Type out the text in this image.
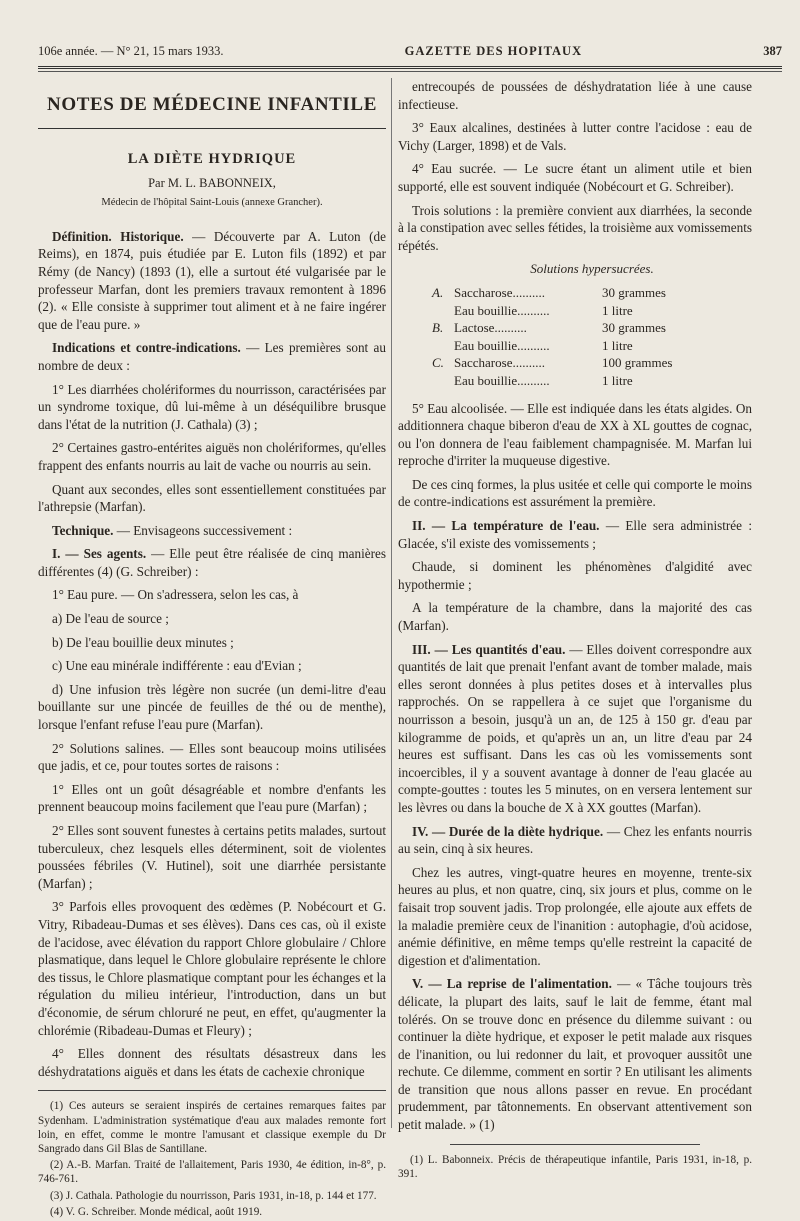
106e année. — N° 21, 15 mars 1933.	GAZETTE DES HOPITAUX	387
NOTES DE MÉDECINE INFANTILE
LA DIÈTE HYDRIQUE
Par M. L. BABONNEIX,
Médecin de l'hôpital Saint-Louis (annexe Grancher).

Définition. Historique. — Découverte par A. Luton (de Reims), en 1874, puis étudiée par E. Luton fils (1892) et par Rémy (de Nancy) (1893 (1), elle a surtout été vulgarisée par le professeur Marfan, dont les premiers travaux remontent à 1896 (2). « Elle consiste à supprimer tout aliment et à ne faire ingérer que de l'eau pure. »

Indications et contre-indications. — Les premières sont au nombre de deux :

1° Les diarrhées cholériformes du nourrisson, caractérisées par un syndrome toxique, dû lui-même à un déséquilibre brusque dans l'état de la nutrition (J. Cathala) (3) ;

2° Certaines gastro-entérites aiguës non cholériformes, qu'elles frappent des enfants nourris au lait de vache ou nourris au sein.

Quant aux secondes, elles sont essentiellement constituées par l'athrepsie (Marfan).

Technique. — Envisageons successivement :

I. — Ses agents. — Elle peut être réalisée de cinq manières différentes (4) (G. Schreiber) :

1° Eau pure. — On s'adressera, selon les cas, à

a) De l'eau de source ;

b) De l'eau bouillie deux minutes ;

c) Une eau minérale indifférente : eau d'Evian ;

d) Une infusion très légère non sucrée (un demi-litre d'eau bouillante sur une pincée de feuilles de thé ou de menthe), lorsque l'enfant refuse l'eau pure (Marfan).

2° Solutions salines. — Elles sont beaucoup moins utilisées que jadis, et ce, pour toutes sortes de raisons :

1° Elles ont un goût désagréable et nombre d'enfants les prennent beaucoup moins facilement que l'eau pure (Marfan) ;

2° Elles sont souvent funestes à certains petits malades, surtout tuberculeux, chez lesquels elles déterminent, soit de violentes poussées fébriles (V. Hutinel), soit une diarrhée persistante (Marfan) ;

3° Parfois elles provoquent des œdèmes (P. Nobécourt et G. Vitry, Ribadeau-Dumas et ses élèves). Dans ces cas, où il existe de l'acidose, avec élévation du rapport Chlore globulaire / Chlore plasmatique, dans lequel le Chlore globulaire représente le chlore des tissus, le Chlore plasmatique comptant pour les échanges et la régulation du milieu intérieur, l'introduction, dans un but d'économie, de sérum chloruré ne peut, en effet, qu'augmenter la chlorémie (Ribadeau-Dumas et Fleury) ;

4° Elles donnent des résultats désastreux dans les déshydratations aiguës et dans les états de cachexie chronique

(1) Ces auteurs se seraient inspirés de certaines remarques faites par Sydenham. L'administration systématique d'eau aux malades remonte fort loin, en effet, comme le montre l'amusant et classique exemple du Dr Sangrado dans Gil Blas de Santillane.

(2) A.-B. Marfan. Traité de l'allaitement, Paris 1930, 4e édition, in-8°, p. 746-761.

(3) J. Cathala. Pathologie du nourrisson, Paris 1931, in-18, p. 144 et 177.

(4) V. G. Schreiber. Monde médical, août 1919.

entrecoupés de poussées de déshydratation liée à une cause infectieuse.

3° Eaux alcalines, destinées à lutter contre l'acidose : eau de Vichy (Larger, 1898) et de Vals.

4° Eau sucrée. — Le sucre étant un aliment utile et bien supporté, elle est souvent indiquée (Nobécourt et G. Schreiber).

Trois solutions : la première convient aux diarrhées, la seconde à la constipation avec selles fétides, la troisième aux vomissements répétés.

Solutions hypersucrées.
A. Saccharose..........	30 grammes
Eau bouillie..........	1 litre
B. Lactose..........	30 grammes
Eau bouillie..........	1 litre
C. Saccharose..........	100 grammes
Eau bouillie..........	1 litre

5° Eau alcoolisée. — Elle est indiquée dans les états algides. On additionnera chaque biberon d'eau de XX à XL gouttes de cognac, ou l'on donnera de l'eau faiblement champagnisée. M. Marfan lui reproche d'irriter la muqueuse digestive.

De ces cinq formes, la plus usitée et celle qui comporte le moins de contre-indications est assurément la première.

II. — La température de l'eau. — Elle sera administrée : Glacée, s'il existe des vomissements ;

Chaude, si dominent les phénomènes d'algidité avec hypothermie ;

A la température de la chambre, dans la majorité des cas (Marfan).

III. — Les quantités d'eau. — Elles doivent correspondre aux quantités de lait que prenait l'enfant avant de tomber malade, mais elles seront données à plus petites doses et à intervalles plus rapprochés. On se rappellera à ce sujet que l'organisme du nourrisson a besoin, jusqu'à un an, de 125 à 150 gr. d'eau par kilogramme de poids, et qu'après un an, un litre d'eau par 24 heures est suffisant. Dans les cas où les vomissements sont incoercibles, il y a souvent avantage à donner de l'eau glacée au compte-gouttes : toutes les 5 minutes, on en versera lentement sur les lèvres ou dans la bouche de X à XX gouttes (Marfan).

IV. — Durée de la diète hydrique. — Chez les enfants nourris au sein, cinq à six heures.

Chez les autres, vingt-quatre heures en moyenne, trente-six heures au plus, et non quatre, cinq, six jours et plus, comme on le faisait trop souvent jadis. Trop prolongée, elle ajoute aux effets de la maladie première ceux de l'inanition : autophagie, d'où acidose, anémie définitive, en même temps qu'elle restreint la capacité de digestion et d'alimentation.

V. — La reprise de l'alimentation. — « Tâche toujours très délicate, la plupart des laits, sauf le lait de femme, étant mal tolérés. On se trouve donc en présence du dilemme suivant : ou continuer la diète hydrique, et exposer le petit malade aux risques de l'inanition, ou lui redonner du lait, et provoquer aussitôt une rechute. Ce dilemme, comment en sortir ? En utilisant les aliments de transition que nous allons passer en revue. En procédant prudemment, par tâtonnements. En observant attentivement son petit malade. » (1)

(1) L. Babonneix. Précis de thérapeutique infantile, Paris 1931, in-18, p. 391.
